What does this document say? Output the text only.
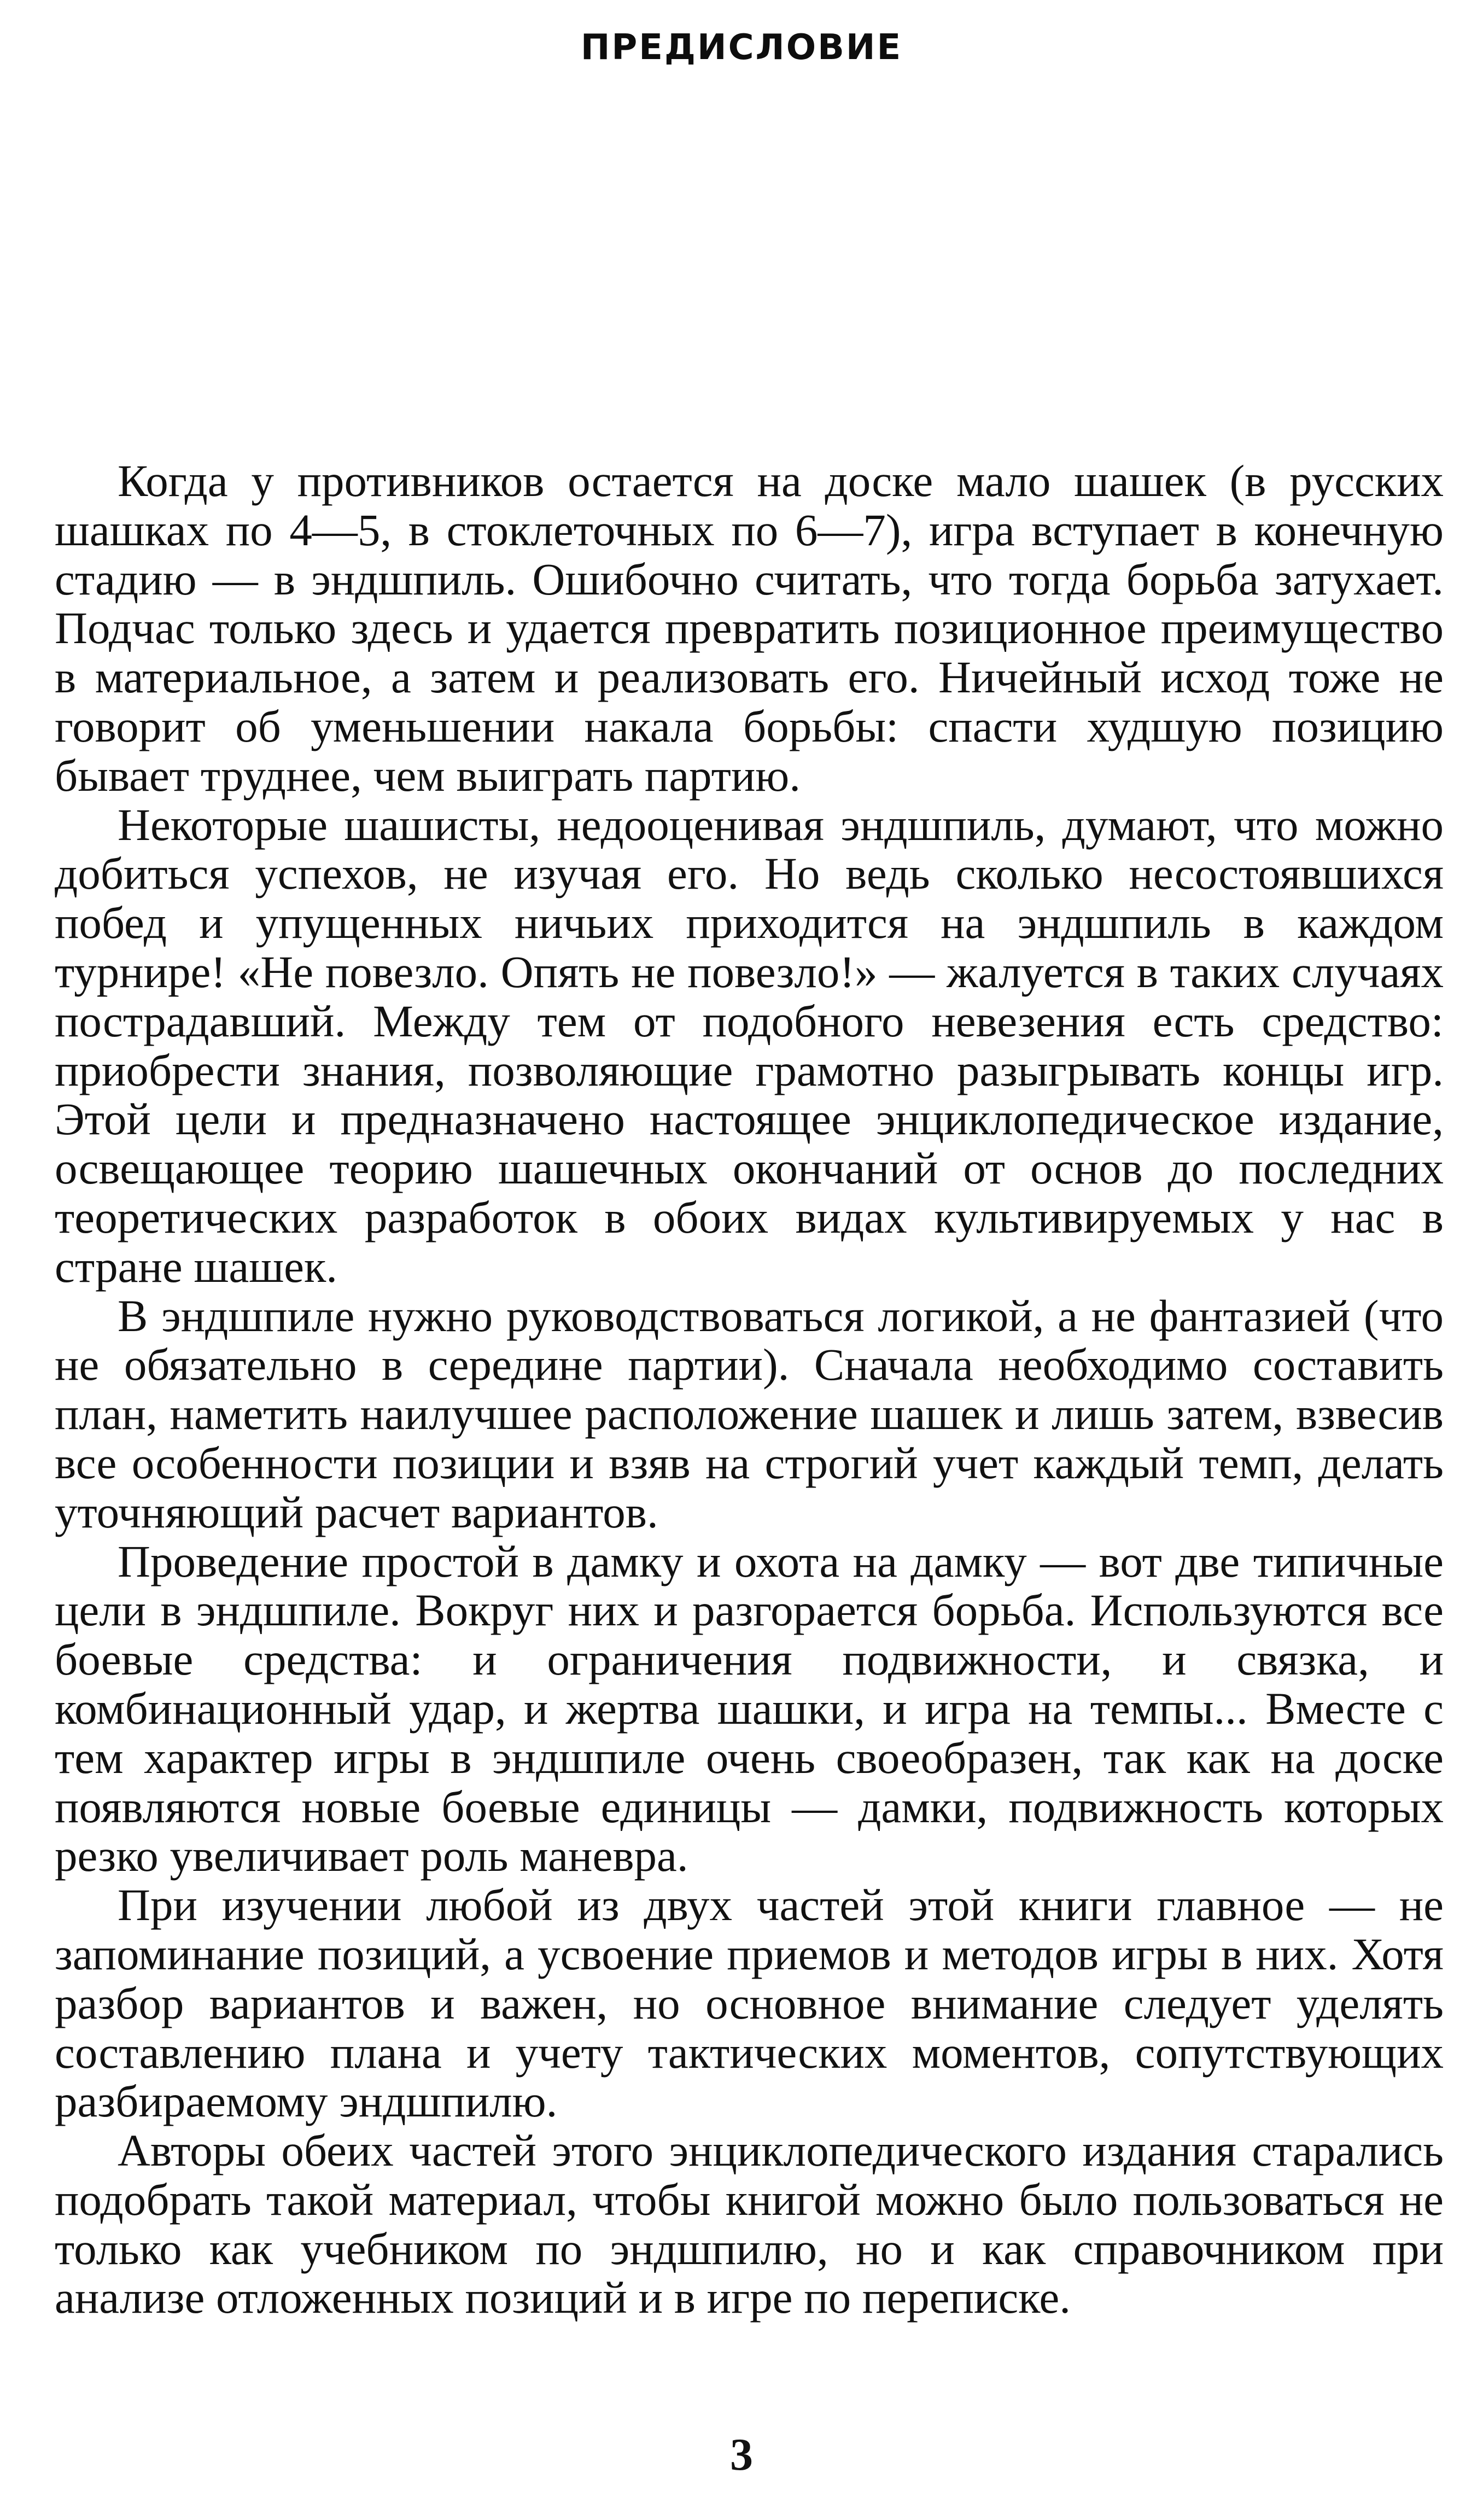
ПРЕДИСЛОВИЕ

Когда у противников остается на доске мало шашек (в русских шашках по 4—5, в стоклеточных по 6—7), игра вступает в конечную стадию — в эндшпиль. Ошибочно считать, что тогда борьба затухает. Подчас только здесь и удается превратить позиционное преимущество в материальное, а затем и реализовать его. Ничейный исход тоже не говорит об уменьшении накала борьбы: спасти худшую позицию бывает труднее, чем выиграть партию.

Некоторые шашисты, недооценивая эндшпиль, думают, что можно добиться успехов, не изучая его. Но ведь сколько несостоявшихся побед и упущенных ничьих приходится на эндшпиль в каждом турнире! «Не повезло. Опять не повезло!» — жалуется в таких случаях пострадавший. Между тем от подобного невезения есть средство: приобрести знания, позволяющие грамотно разыгрывать концы игр. Этой цели и предназначено настоящее энциклопедическое издание, освещающее теорию шашечных окончаний от основ до последних теоретических разработок в обоих видах культивируемых у нас в стране шашек.

В эндшпиле нужно руководствоваться логикой, а не фантазией (что не обязательно в середине партии). Сначала необходимо составить план, наметить наилучшее расположение шашек и лишь затем, взвесив все особенности позиции и взяв на строгий учет каждый темп, делать уточняющий расчет вариантов.

Проведение простой в дамку и охота на дамку — вот две типичные цели в эндшпиле. Вокруг них и разгорается борьба. Используются все боевые средства: и ограничения подвижности, и связка, и комбинационный удар, и жертва шашки, и игра на темпы... Вместе с тем характер игры в эндшпиле очень своеобразен, так как на доске появляются новые боевые единицы — дамки, подвижность которых резко увеличивает роль маневра.

При изучении любой из двух частей этой книги главное — не запоминание позиций, а усвоение приемов и методов игры в них. Хотя разбор вариантов и важен, но основное внимание следует уделять составлению плана и учету тактических моментов, сопутствующих разбираемому эндшпилю.

Авторы обеих частей этого энциклопедического издания старались подобрать такой материал, чтобы книгой можно было пользоваться не только как учебником по эндшпилю, но и как справочником при анализе отложенных позиций и в игре по переписке.

3
